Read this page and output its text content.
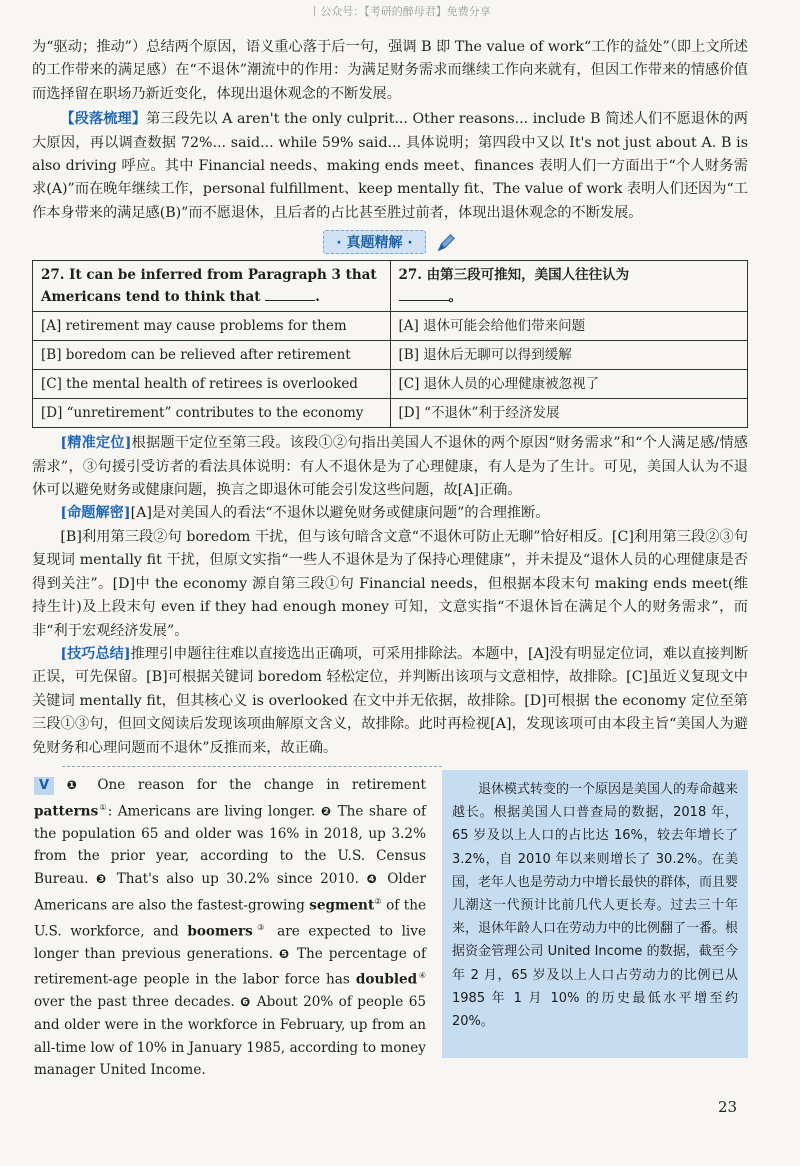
丨公众号：【考研的醉母君】免费分享

为“驱动；推动”）总结两个原因，语义重心落于后一句，强调 B 即 The value of work“工作的益处”（即上文所述的工作带来的满足感）在“不退休”潮流中的作用：为满足财务需求而继续工作向来就有，但因工作带来的情感价值而选择留在职场乃新近变化，体现出退休观念的不断发展。

【段落梳理】第三段先以 A aren't the only culprit... Other reasons... include B 简述人们不愿退休的两大原因，再以调查数据 72%... said... while 59% said... 具体说明；第四段中又以 It's not just about A. B is also driving 呼应。其中 Financial needs、making ends meet、finances 表明人们一方面出于“个人财务需求(A)”而在晚年继续工作，personal fulfillment、keep mentally fit、The value of work 表明人们还因为“工作本身带来的满足感(B)”而不愿退休，且后者的占比甚至胜过前者，体现出退休观念的不断发展。

· 真题精解 ·
27. It can be inferred from Paragraph 3 that Americans tend to think that .	27. 由第三段可推知，美国人往往认为
。
[A] retirement may cause problems for them	[A] 退休可能会给他们带来问题
[B] boredom can be relieved after retirement	[B] 退休后无聊可以得到缓解
[C] the mental health of retirees is overlooked	[C] 退休人员的心理健康被忽视了
[D] “unretirement” contributes to the economy	[D] “不退休”利于经济发展

[精准定位]根据题干定位至第三段。该段①②句指出美国人不退休的两个原因“财务需求”和“个人满足感/情感需求”，③句援引受访者的看法具体说明：有人不退休是为了心理健康，有人是为了生计。可见，美国人认为不退休可以避免财务或健康问题，换言之即退休可能会引发这些问题，故[A]正确。

[命题解密][A]是对美国人的看法“不退休以避免财务或健康问题”的合理推断。

[B]利用第三段②句 boredom 干扰，但与该句暗含文意“不退休可防止无聊”恰好相反。[C]利用第三段②③句复现词 mentally fit 干扰，但原文实指“一些人不退休是为了保持心理健康”，并未提及“退休人员的心理健康是否得到关注”。[D]中 the economy 源自第三段①句 Financial needs，但根据本段末句 making ends meet(维持生计)及上段末句 even if they had enough money 可知，文意实指“不退休旨在满足个人的财务需求”，而非“利于宏观经济发展”。

[技巧总结]推理引申题往往难以直接选出正确项，可采用排除法。本题中，[A]没有明显定位词，难以直接判断正误，可先保留。[B]可根据关键词 boredom 轻松定位，并判断出该项与文意相悖，故排除。[C]虽近义复现文中关键词 mentally fit，但其核心义 is overlooked 在文中并无依据，故排除。[D]可根据 the economy 定位至第三段①③句，但回文阅读后发现该项曲解原文含义，故排除。此时再检视[A]，发现该项可由本段主旨“美国人为避免财务和心理问题而不退休”反推而来，故正确。

V ❶ One reason for the change in retirement patterns①: Americans are living longer. ❷ The share of the population 65 and older was 16% in 2018, up 3.2% from the prior year, according to the U.S. Census Bureau. ❸ That's also up 30.2% since 2010. ❹ Older Americans are also the fastest-growing segment② of the U.S. workforce, and boomers③ are expected to live longer than previous generations. ❺ The percentage of retirement-age people in the labor force has doubled④ over the past three decades. ❻ About 20% of people 65 and older were in the workforce in February, up from an all-time low of 10% in January 1985, according to money manager United Income.
退休模式转变的一个原因是美国人的寿命越来越长。根据美国人口普查局的数据，2018 年，65 岁及以上人口的占比达 16%，较去年增长了 3.2%，自 2010 年以来则增长了 30.2%。在美国，老年人也是劳动力中增长最快的群体，而且婴儿潮这一代预计比前几代人更长寿。过去三十年来，退休年龄人口在劳动力中的比例翻了一番。根据资金管理公司 United Income 的数据，截至今年 2 月，65 岁及以上人口占劳动力的比例已从 1985 年 1 月 10% 的历史最低水平增至约 20%。
23
